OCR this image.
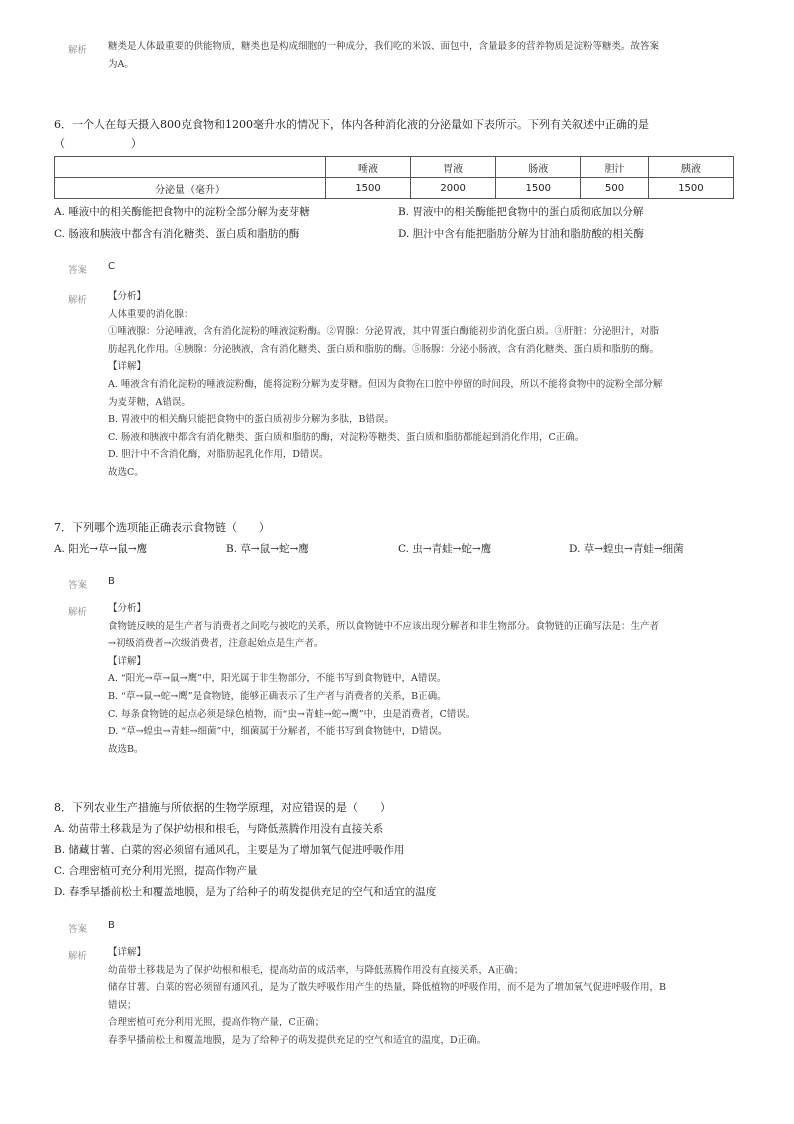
解析 糖类是人体最重要的供能物质，糖类也是构成细胞的一种成分，我们吃的米饭、面包中，含量最多的营养物质是淀粉等糖类。故答案

为A。

6．一个人在每天摄入800克食物和1200毫升水的情况下，体内各种消化液的分泌量如下表所示。下列有关叙述中正确的是

（　　　　　　）

	唾液	胃液	肠液	胆汁	胰液
分泌量（毫升）	1500	2000	1500	500	1500
A. 唾液中的相关酶能把食物中的淀粉全部分解为麦芽糖	B. 胃液中的相关酶能把食物中的蛋白质彻底加以分解
C. 肠液和胰液中都含有消化糖类、蛋白质和脂肪的酶	D. 胆汁中含有能把脂肪分解为甘油和脂肪酸的相关酶
答案 C
解析 【分析】

人体重要的消化腺：

①唾液腺：分泌唾液，含有消化淀粉的唾液淀粉酶。②胃腺：分泌胃液，其中胃蛋白酶能初步消化蛋白质。③肝脏：分泌胆汁，对脂

肪起乳化作用。④胰腺：分泌胰液，含有消化糖类、蛋白质和脂肪的酶。⑤肠腺：分泌小肠液，含有消化糖类、蛋白质和脂肪的酶。

【详解】

A. 唾液含有消化淀粉的唾液淀粉酶，能将淀粉分解为麦芽糖。但因为食物在口腔中停留的时间段，所以不能将食物中的淀粉全部分解

为麦芽糖，A错误。

B. 胃液中的相关酶只能把食物中的蛋白质初步分解为多肽，B错误。

C. 肠液和胰液中都含有消化糖类、蛋白质和脂肪的酶，对淀粉等糖类、蛋白质和脂肪都能起到消化作用，C正确。

D. 胆汁中不含消化酶，对脂肪起乳化作用，D错误。

故选C。

7．下列哪个选项能正确表示食物链（　　）

A. 阳光→草→鼠→鹰	B. 草→鼠→蛇→鹰	C. 虫→青蛙→蛇→鹰	D. 草→蝗虫→青蛙→细菌
答案 B
解析 【分析】

食物链反映的是生产者与消费者之间吃与被吃的关系，所以食物链中不应该出现分解者和非生物部分。食物链的正确写法是：生产者

→初级消费者→次级消费者，注意起始点是生产者。

【详解】

A. “阳光→草→鼠→鹰”中，阳光属于非生物部分，不能书写到食物链中，A错误。

B. “草→鼠→蛇→鹰”是食物链，能够正确表示了生产者与消费者的关系，B正确。

C. 每条食物链的起点必须是绿色植物，而“虫→青蛙→蛇→鹰”中，虫是消费者，C错误。

D. “草→蝗虫→青蛙→细菌”中，细菌属于分解者，不能书写到食物链中，D错误。

故选B。

8．下列农业生产措施与所依据的生物学原理，对应错误的是（　　）

A. 幼苗带土移栽是为了保护幼根和根毛，与降低蒸腾作用没有直接关系
B. 储藏甘薯、白菜的窖必须留有通风孔，主要是为了增加氧气促进呼吸作用
C. 合理密植可充分利用光照，提高作物产量
D. 春季早播前松土和覆盖地膜，是为了给种子的萌发提供充足的空气和适宜的温度
答案 B
解析 【详解】

幼苗带土移栽是为了保护幼根和根毛，提高幼苗的成活率，与降低蒸腾作用没有直接关系，A正确；

储存甘薯、白菜的窖必须留有通风孔，是为了散失呼吸作用产生的热量，降低植物的呼吸作用，而不是为了增加氧气促进呼吸作用，B

错误；

合理密植可充分利用光照，提高作物产量，C正确；

春季早播前松土和覆盖地膜，是为了给种子的萌发提供充足的空气和适宜的温度，D正确。
